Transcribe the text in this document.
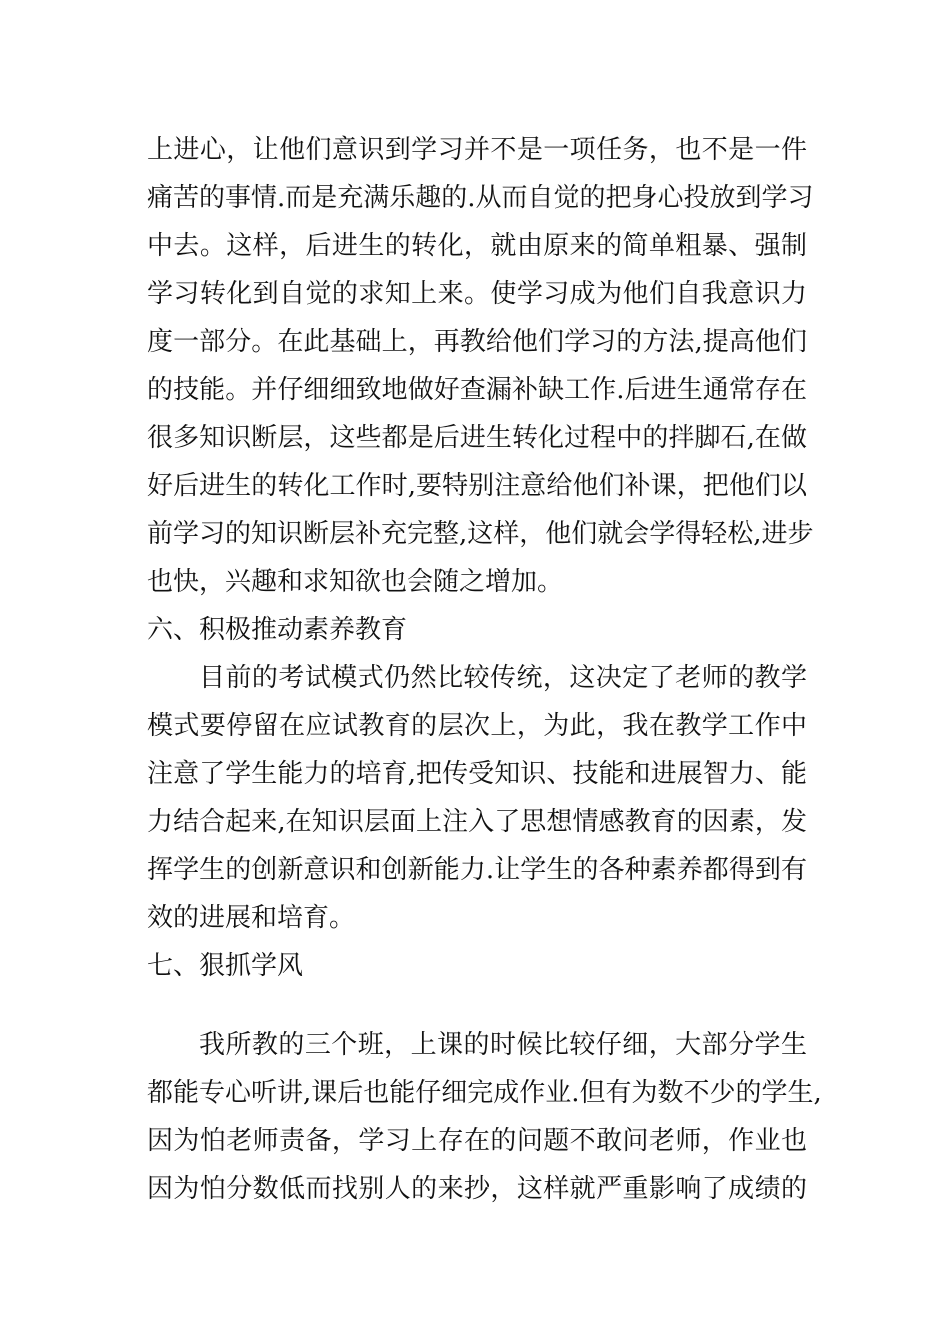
上进心，让他们意识到学习并不是一项任务，也不是一件
痛苦的事情.而是充满乐趣的.从而自觉的把身心投放到学习
中去。这样，后进生的转化，就由原来的简单粗暴、强制
学习转化到自觉的求知上来。使学习成为他们自我意识力
度一部分。在此基础上，再教给他们学习的方法,提高他们
的技能。并仔细细致地做好查漏补缺工作.后进生通常存在
很多知识断层，这些都是后进生转化过程中的拌脚石,在做
好后进生的转化工作时,要特别注意给他们补课，把他们以
前学习的知识断层补充完整,这样，他们就会学得轻松,进步
也快，兴趣和求知欲也会随之增加。
六、积极推动素养教育
目前的考试模式仍然比较传统，这决定了老师的教学
模式要停留在应试教育的层次上，为此，我在教学工作中
注意了学生能力的培育,把传受知识、技能和进展智力、能
力结合起来,在知识层面上注入了思想情感教育的因素，发
挥学生的创新意识和创新能力.让学生的各种素养都得到有
效的进展和培育。
七、狠抓学风
我所教的三个班，上课的时候比较仔细，大部分学生
都能专心听讲,课后也能仔细完成作业.但有为数不少的学生,
因为怕老师责备，学习上存在的问题不敢问老师，作业也
因为怕分数低而找别人的来抄，这样就严重影响了成绩的
